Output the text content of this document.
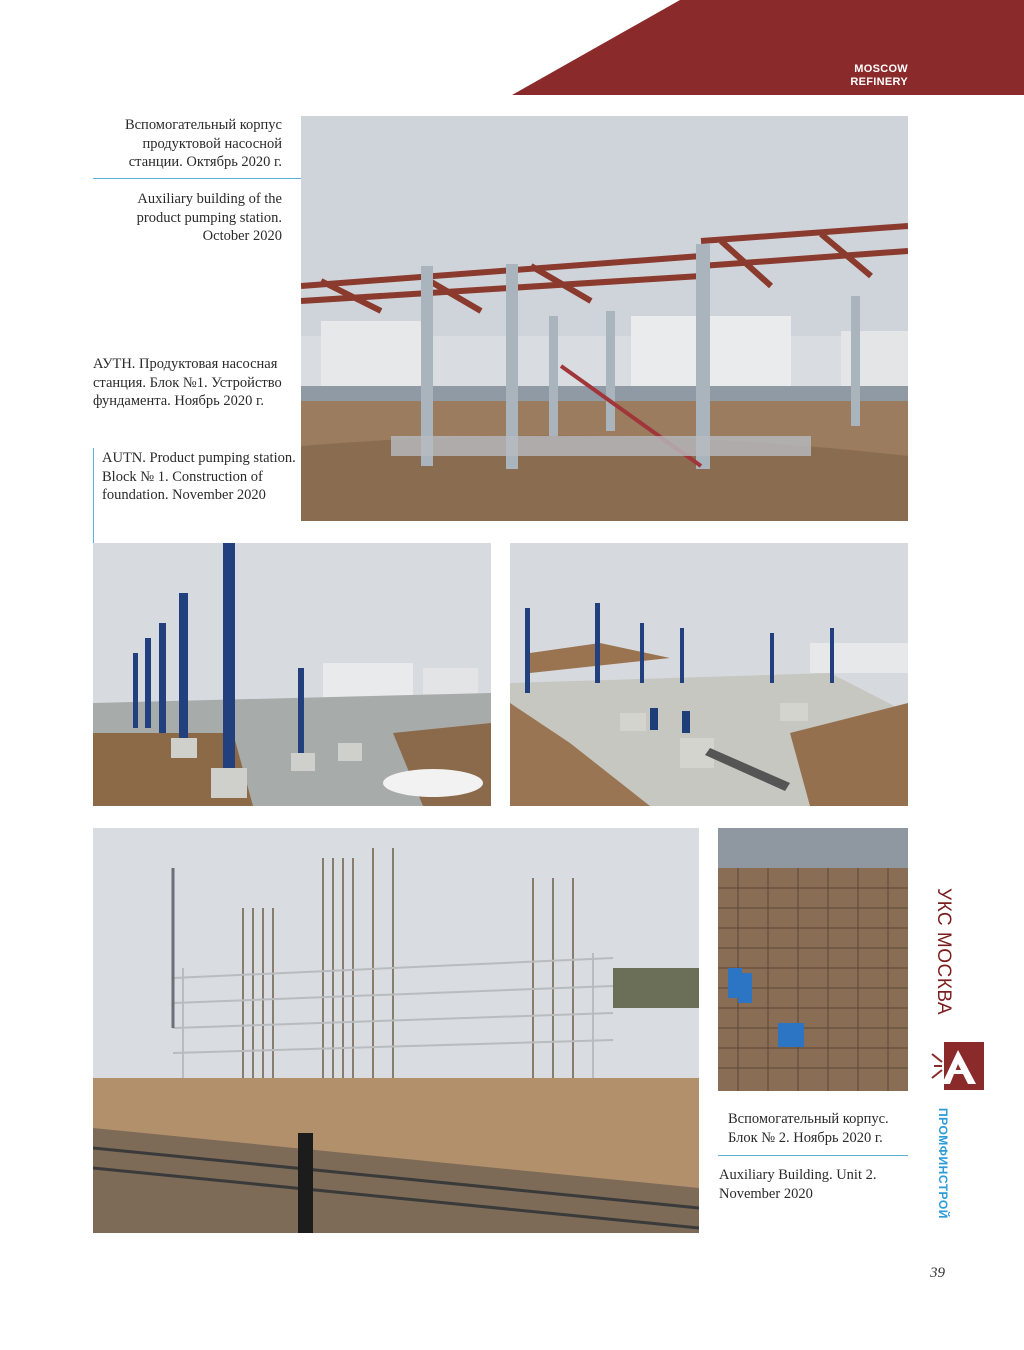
MOSCOW
REFINERY
Вспомогательный корпус продуктовой насосной станции. Октябрь 2020 г.
Auxiliary building of the product pumping station. October 2020
АУТН. Продуктовая насосная станция. Блок №1. Устройство фундамента. Ноябрь 2020 г.
AUTN. Product pumping station. Block № 1. Construction of foundation. November 2020
Вспомогательный корпус. Блок № 2. Ноябрь 2020 г.
Auxiliary Building. Unit 2. November 2020
УКС МОСКВА
ПРОМФИНСТРОЙ
39
